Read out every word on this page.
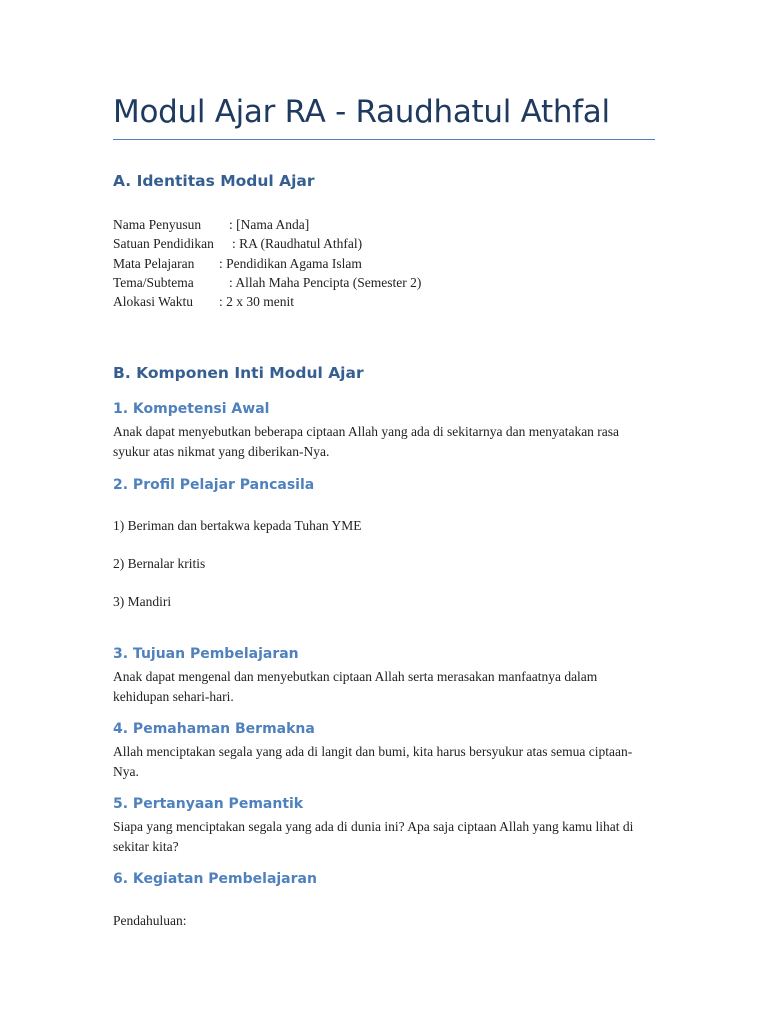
Modul Ajar RA - Raudhatul Athfal
A. Identitas Modul Ajar
Nama Penyusun : [Nama Anda]
Satuan Pendidikan : RA (Raudhatul Athfal)
Mata Pelajaran : Pendidikan Agama Islam
Tema/Subtema	: Allah Maha Pencipta (Semester 2)
Alokasi Waktu : 2 x 30 menit
B. Komponen Inti Modul Ajar
1. Kompetensi Awal
Anak dapat menyebutkan beberapa ciptaan Allah yang ada di sekitarnya dan menyatakan rasa syukur atas nikmat yang diberikan-Nya.
2. Profil Pelajar Pancasila
1) Beriman dan bertakwa kepada Tuhan YME
2) Bernalar kritis
3) Mandiri
3. Tujuan Pembelajaran
Anak dapat mengenal dan menyebutkan ciptaan Allah serta merasakan manfaatnya dalam kehidupan sehari-hari.
4. Pemahaman Bermakna
Allah menciptakan segala yang ada di langit dan bumi, kita harus bersyukur atas semua ciptaan-Nya.
5. Pertanyaan Pemantik
Siapa yang menciptakan segala yang ada di dunia ini? Apa saja ciptaan Allah yang kamu lihat di sekitar kita?
6. Kegiatan Pembelajaran
Pendahuluan:
